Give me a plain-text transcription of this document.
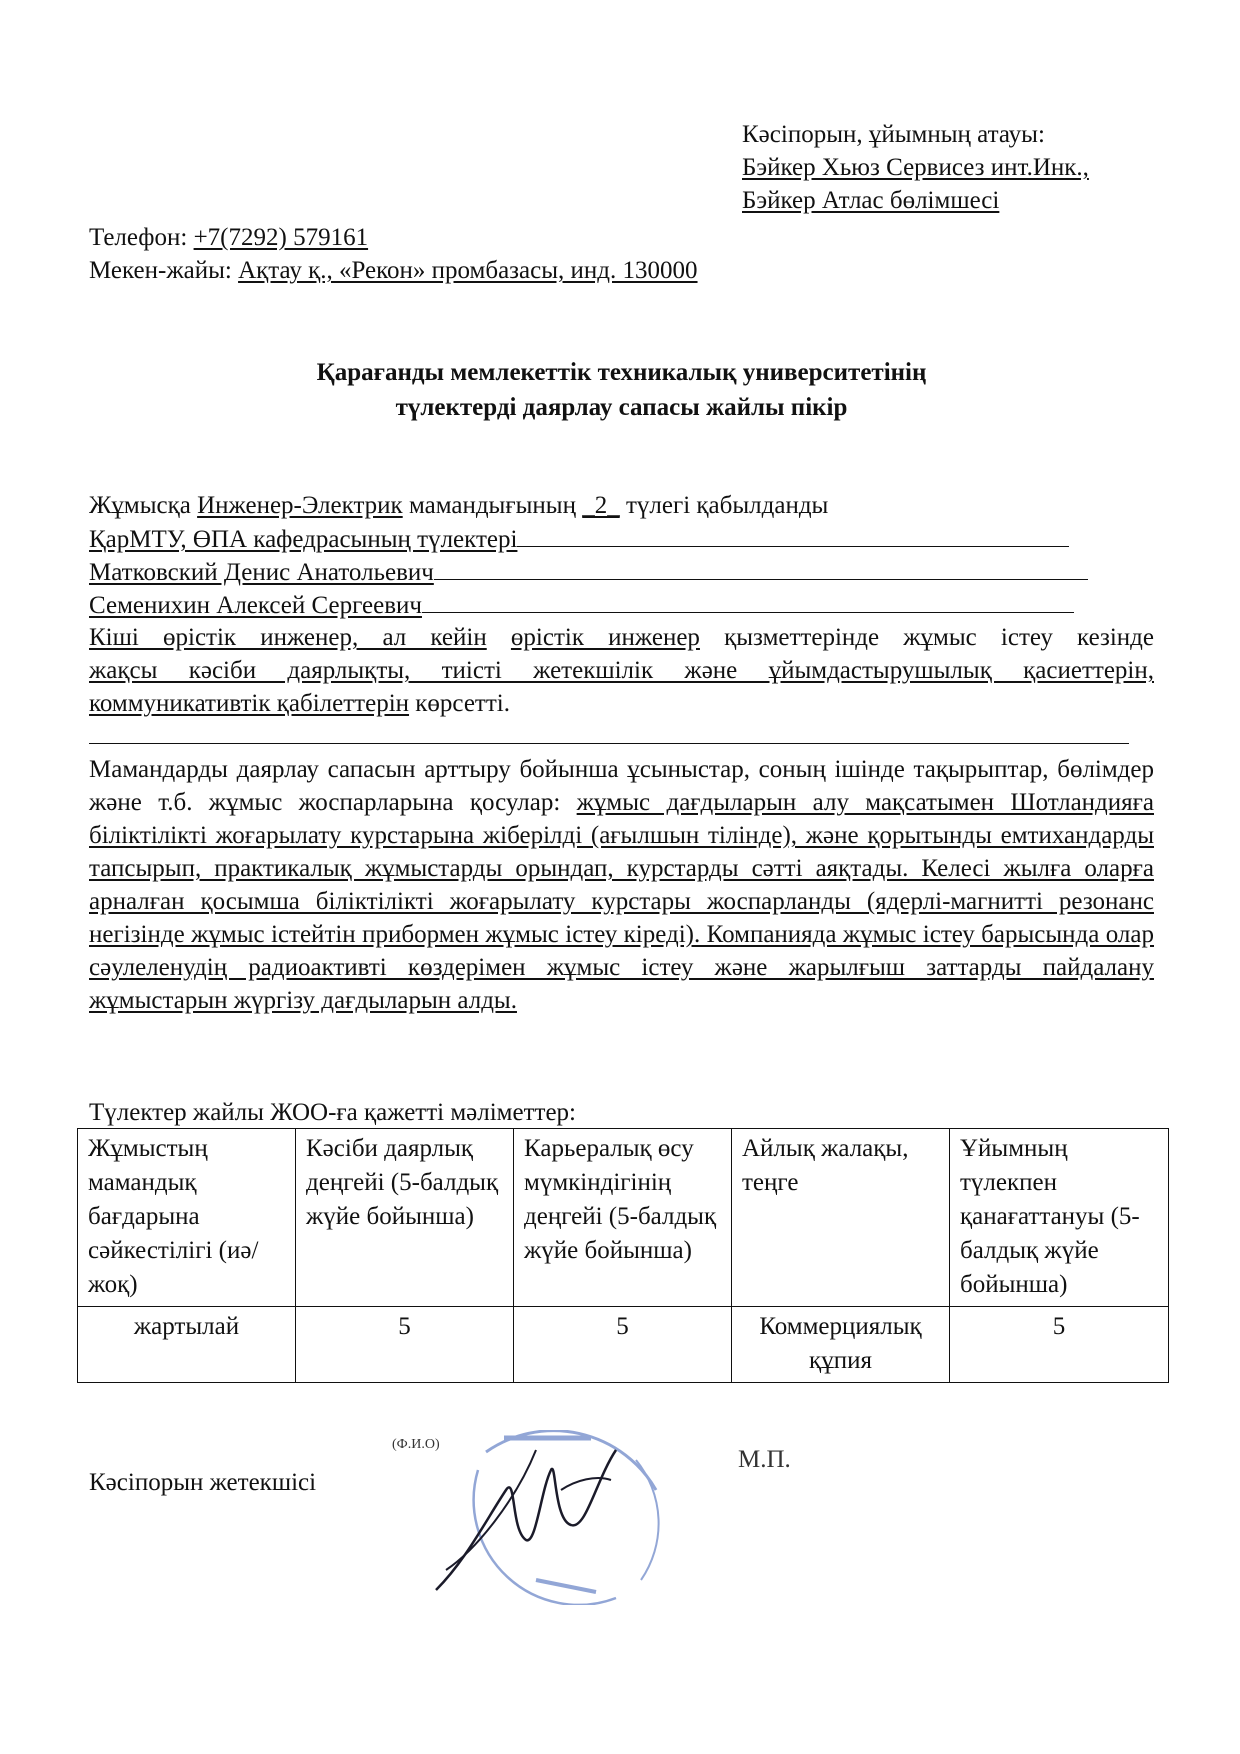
Кәсіпорын, ұйымның атауы:
Бэйкер Хьюз Сервисез инт.Инк.,
Бэйкер Атлас бөлімшесі
Телефон: +7(7292) 579161
Мекен-жайы: Ақтау қ., «Рекон» промбазасы, инд. 130000
Қарағанды мемлекеттік техникалық университетінің
түлектерді даярлау сапасы жайлы пікір
Жұмысқа Инженер-Электрик мамандығының _2_ түлегі қабылданды
ҚарМТУ, ӨПА кафедрасының түлектері
Матковский Денис Анатольевич
Семенихин Алексей Сергеевич
Кіші өрістік инженер, ал кейін өрістік инженер қызметтерінде жұмыс істеу кезінде
жақсы кәсіби даярлықты, тиісті жетекшілік және ұйымдастырушылық қасиеттерін,
коммуникативтік қабілеттерін көрсетті.

Мамандарды даярлау сапасын арттыру бойынша ұсыныстар, соның ішінде тақырыптар, бөлімдер және т.б. жұмыс жоспарларына қосулар: жұмыс дағдыларын алу мақсатымен Шотландияға біліктілікті жоғарылату курстарына жіберілді (ағылшын тілінде), және қорытынды емтихандарды тапсырып, практикалық жұмыстарды орындап, курстарды сәтті аяқтады. Келесі жылға оларға арналған қосымша біліктілікті жоғарылату курстары жоспарланды (ядерлі-магнитті резонанс негізінде жұмыс істейтін прибормен жұмыс істеу кіреді). Компанияда жұмыс істеу барысында олар сәулеленудің радиоактивті көздерімен жұмыс істеу және жарылғыш заттарды пайдалану жұмыстарын жүргізу дағдыларын алды.

Түлектер жайлы ЖОО-ға қажетті мәліметтер:
Жұмыстың мамандық бағдарына сәйкестілігі (иә/жоқ)	Кәсіби даярлық деңгейі (5-балдық жүйе бойынша)	Карьералық өсу мүмкіндігінің деңгейі (5-балдық жүйе бойынша)	Айлық жалақы, теңге	Ұйымның түлекпен қанағаттануы (5-балдық жүйе бойынша)
жартылай	5	5	Коммерциялық құпия	5
Кәсіпорын жетекшісі
(Ф.И.О)
М.П.
